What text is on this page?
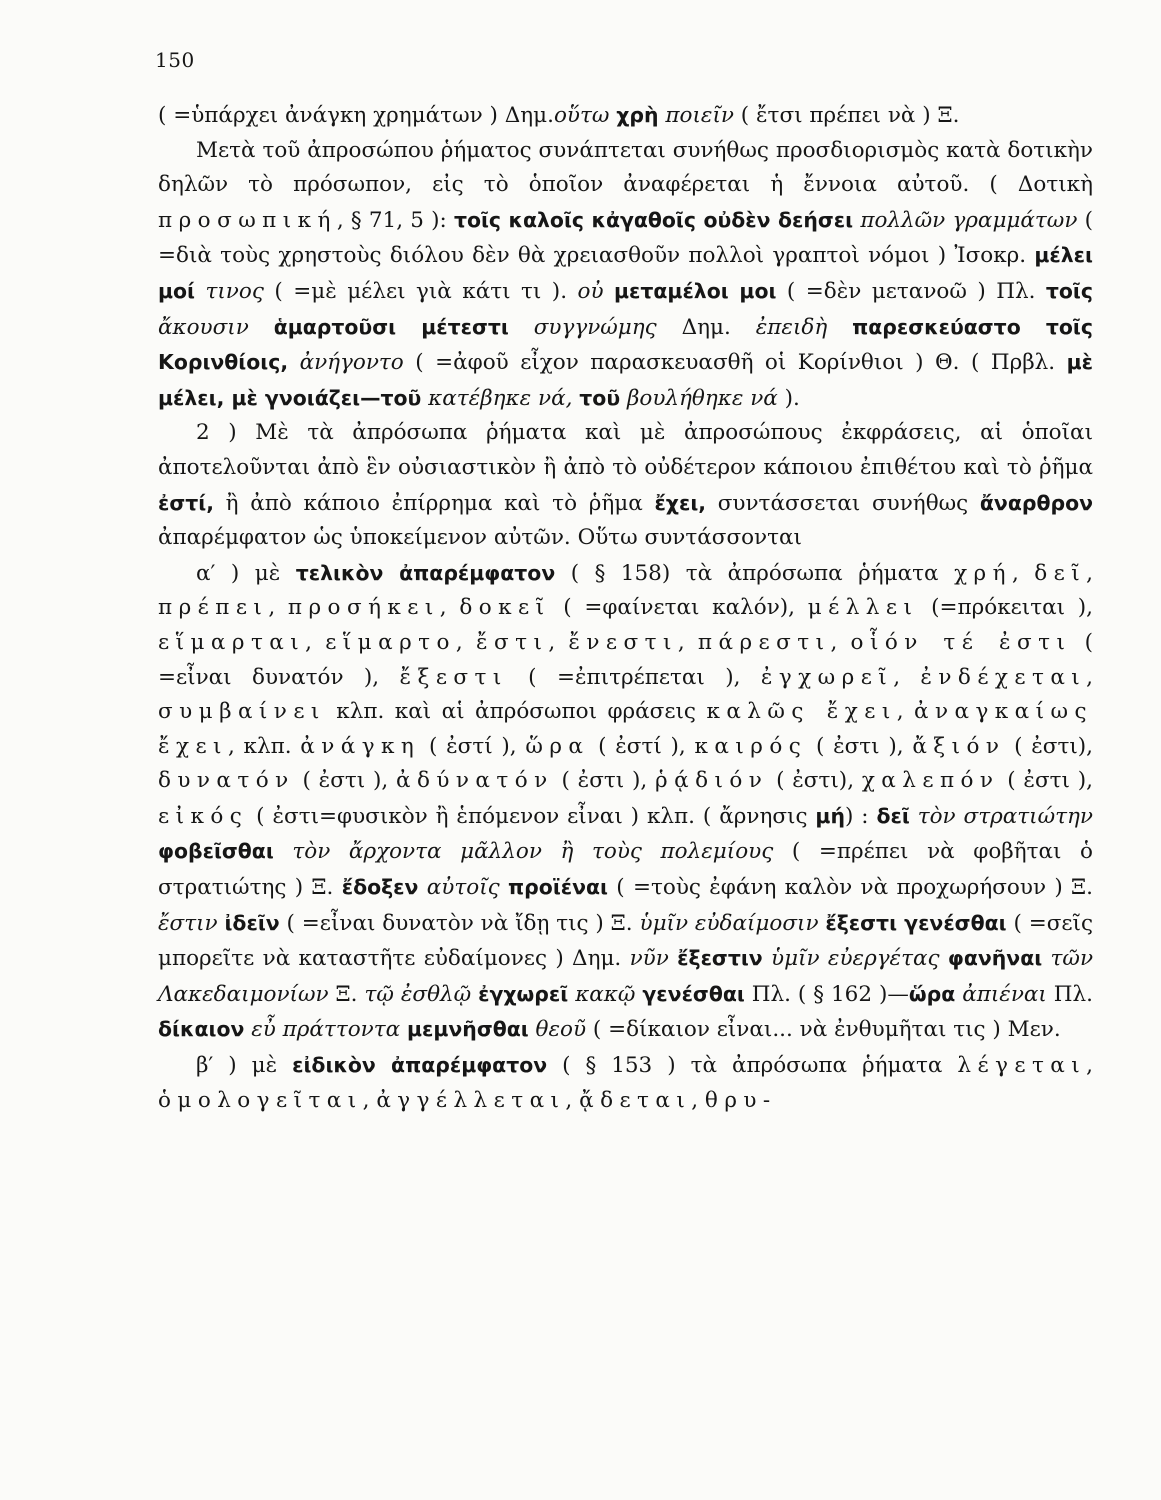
150

( =ὑπάρχει ἀνάγκη χρημάτων ) Δημ.οὕτω χρὴ ποιεῖν ( ἔτσι πρέπει νὰ ) Ξ.

Μετὰ τοῦ ἀπροσώπου ῥήματος συνάπτεται συνήθως προσδιορισμὸς κατὰ δοτικὴν δηλῶν τὸ πρόσωπον, εἰς τὸ ὁποῖον ἀναφέρεται ἡ ἔννοια αὐτοῦ. ( Δοτικὴ προσωπική, § 71, 5 ): τοῖς καλοῖς κἀγαθοῖς οὐδὲν δεήσει πολλῶν γραμμάτων ( =διὰ τοὺς χρηστοὺς διόλου δὲν θὰ χρειασθοῦν πολλοὶ γραπτοὶ νόμοι ) Ἰσοκρ. μέλει μοί τινος ( =μὲ μέλει γιὰ κάτι τι ). οὐ μεταμέλοι μοι ( =δὲν μετανοῶ ) Πλ. τοῖς ἄκουσιν ἁμαρτοῦσι μέτεστι συγγνώμης Δημ. ἐπειδὴ παρεσκεύαστο τοῖς Κορινθίοις, ἀνήγοντο ( =ἀφοῦ εἶχον παρασκευασθῆ οἱ Κορίνθιοι ) Θ. ( Πρβλ. μὲ μέλει, μὲ γνοιάζει—τοῦ κατέβηκε νά, τοῦ βουλήθηκε νά ).

2 ) Μὲ τὰ ἀπρόσωπα ῥήματα καὶ μὲ ἀπροσώπους ἐκφράσεις, αἱ ὁποῖαι ἀποτελοῦνται ἀπὸ ἓν οὐσιαστικὸν ἢ ἀπὸ τὸ οὐδέτερον κάποιου ἐπιθέτου καὶ τὸ ῥῆμα ἐστί, ἢ ἀπὸ κάποιο ἐπίρρημα καὶ τὸ ῥῆμα ἔχει, συντάσσεται συνήθως ἄναρθρον ἀπαρέμφατον ὡς ὑποκείμενον αὐτῶν. Οὕτω συντάσσονται

α′ ) μὲ τελικὸν ἀπαρέμφατον ( § 158) τὰ ἀπρόσωπα ῥήματα χρή, δεῖ, πρέπει, προσήκει, δοκεῖ ( =φαίνεται καλόν), μέλλει (=πρόκειται ), εἵμαρται, εἵμαρτο, ἔστι, ἔνεστι, πάρεστι, οἷόν τέ ἐστι ( =εἶναι δυνατόν ), ἔξεστι ( =ἐπιτρέπεται ), ἐγχωρεῖ, ἐνδέχεται, συμβαίνει κλπ. καὶ αἱ ἀπρόσωποι φράσεις καλῶς ἔχει, ἀναγκαίως ἔχει, κλπ. ἀνάγκη ( ἐστί ), ὥρα ( ἐστί ), καιρός ( ἐστι ), ἄξιόν ( ἐστι), δυνατόν ( ἐστι ), ἀδύνατόν ( ἐστι ), ῥᾴδιόν ( ἐστι), χαλεπόν ( ἐστι ), εἰκός ( ἐστι=φυσικὸν ἢ ἑπόμενον εἶναι ) κλπ. ( ἄρνησις μή) : δεῖ τὸν στρατιώτην φοβεῖσθαι τὸν ἄρχοντα μᾶλλον ἢ τοὺς πολεμίους ( =πρέπει νὰ φοβῆται ὁ στρατιώτης ) Ξ. ἔδοξεν αὐτοῖς προϊέναι ( =τοὺς ἐφάνη καλὸν νὰ προχωρήσουν ) Ξ. ἔστιν ἰδεῖν ( =εἶναι δυνατὸν νὰ ἴδῃ τις ) Ξ. ὑμῖν εὐδαίμοσιν ἔξεστι γενέσθαι ( =σεῖς μπορεῖτε νὰ καταστῆτε εὐδαίμονες ) Δημ. νῦν ἔξεστιν ὑμῖν εὐεργέτας φανῆναι τῶν Λακεδαιμονίων Ξ. τῷ ἐσθλῷ ἐγχωρεῖ κακῷ γενέσθαι Πλ. ( § 162 )—ὥρα ἀπιέναι Πλ. δίκαιον εὖ πράττοντα μεμνῆσθαι θεοῦ ( =δίκαιον εἶναι... νὰ ἐνθυμῆται τις ) Μεν.

β′ ) μὲ εἰδικὸν ἀπαρέμφατον ( § 153 ) τὰ ἀπρόσωπα ῥήματα λέγεται, ὁμολογεῖται, ἀγγέλλεται, ᾄδεται, θρυ-
